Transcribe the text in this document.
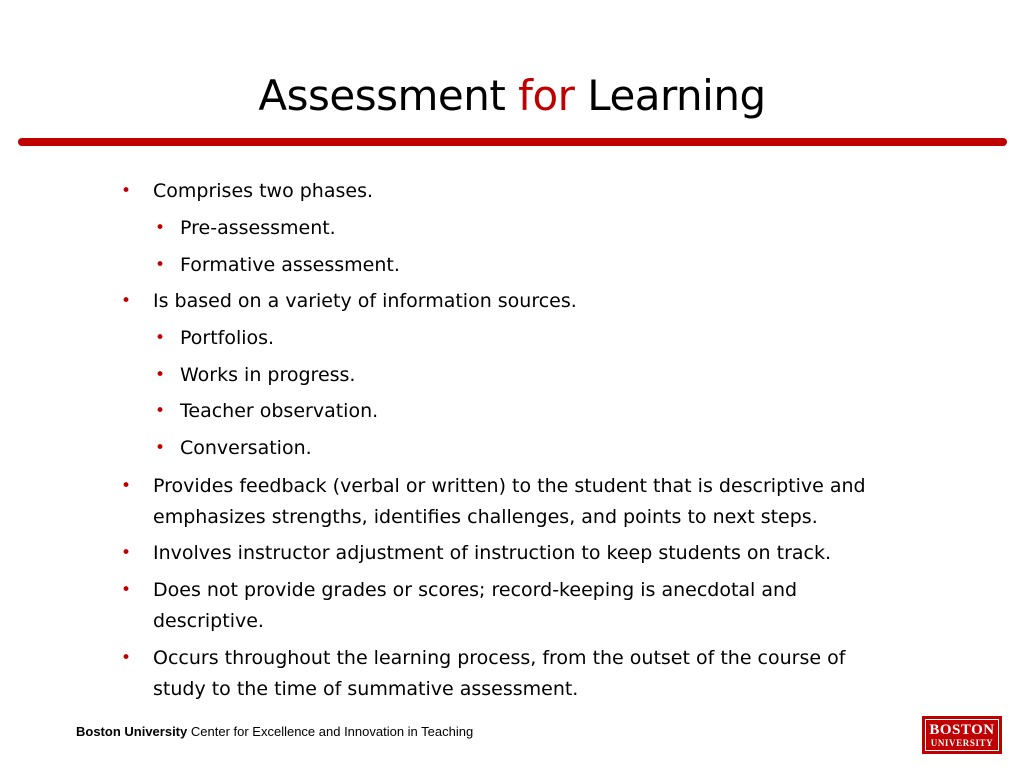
Assessment for Learning
• Comprises two phases.
• Pre-assessment.
• Formative assessment.
• Is based on a variety of information sources.
• Portfolios.
• Works in progress.
• Teacher observation.
• Conversation.
• Provides feedback (verbal or written) to the student that is descriptive and
emphasizes strengths, identifies challenges, and points to next steps.
• Involves instructor adjustment of instruction to keep students on track.
• Does not provide grades or scores; record-keeping is anecdotal and
descriptive.
• Occurs throughout the learning process, from the outset of the course of
study to the time of summative assessment.
Boston University Center for Excellence and Innovation in Teaching	BOSTON
UNIVERSITY
